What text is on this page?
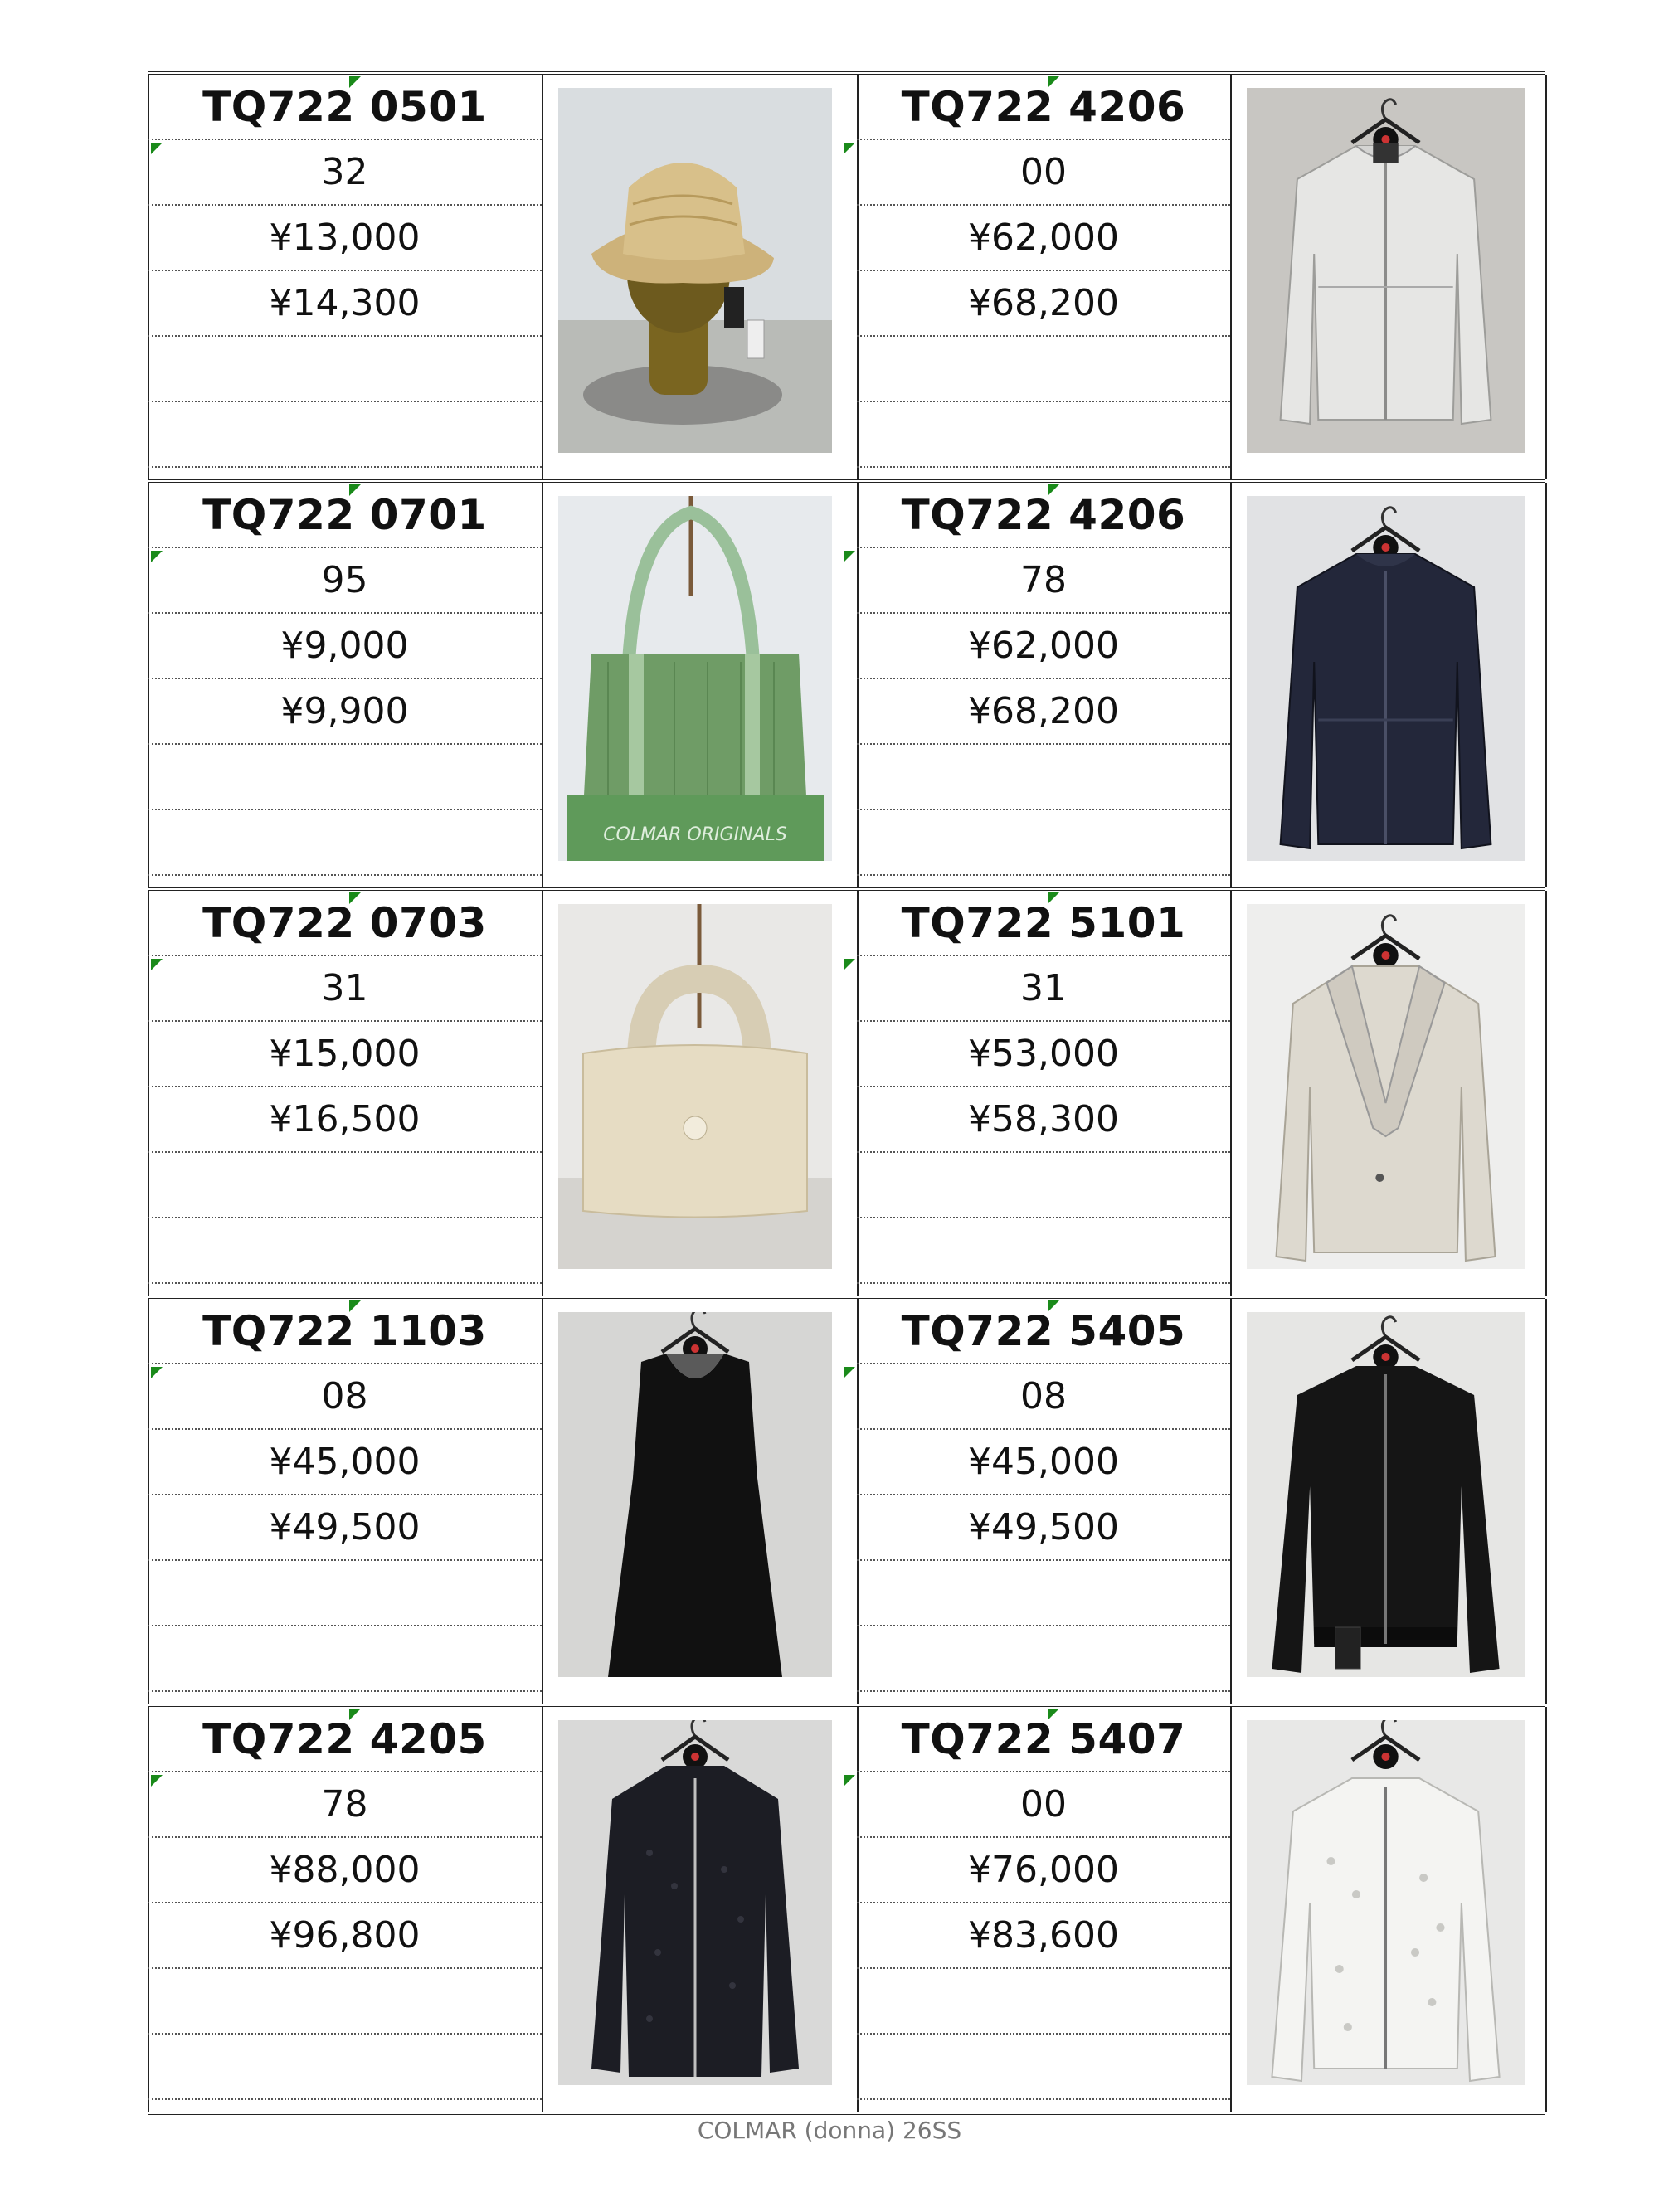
TQ722 0501
32
¥13,000
¥14,300
TQ722 4206
00
¥62,000
¥68,200
TQ722 0701
95
¥9,000
¥9,900
COLMAR ORIGINALS
TQ722 4206
78
¥62,000
¥68,200
TQ722 0703
31
¥15,000
¥16,500
TQ722 5101
31
¥53,000
¥58,300
TQ722 1103
08
¥45,000
¥49,500
TQ722 5405
08
¥45,000
¥49,500
TQ722 4205
78
¥88,000
¥96,800
TQ722 5407
00
¥76,000
¥83,600
COLMAR (donna) 26SS
